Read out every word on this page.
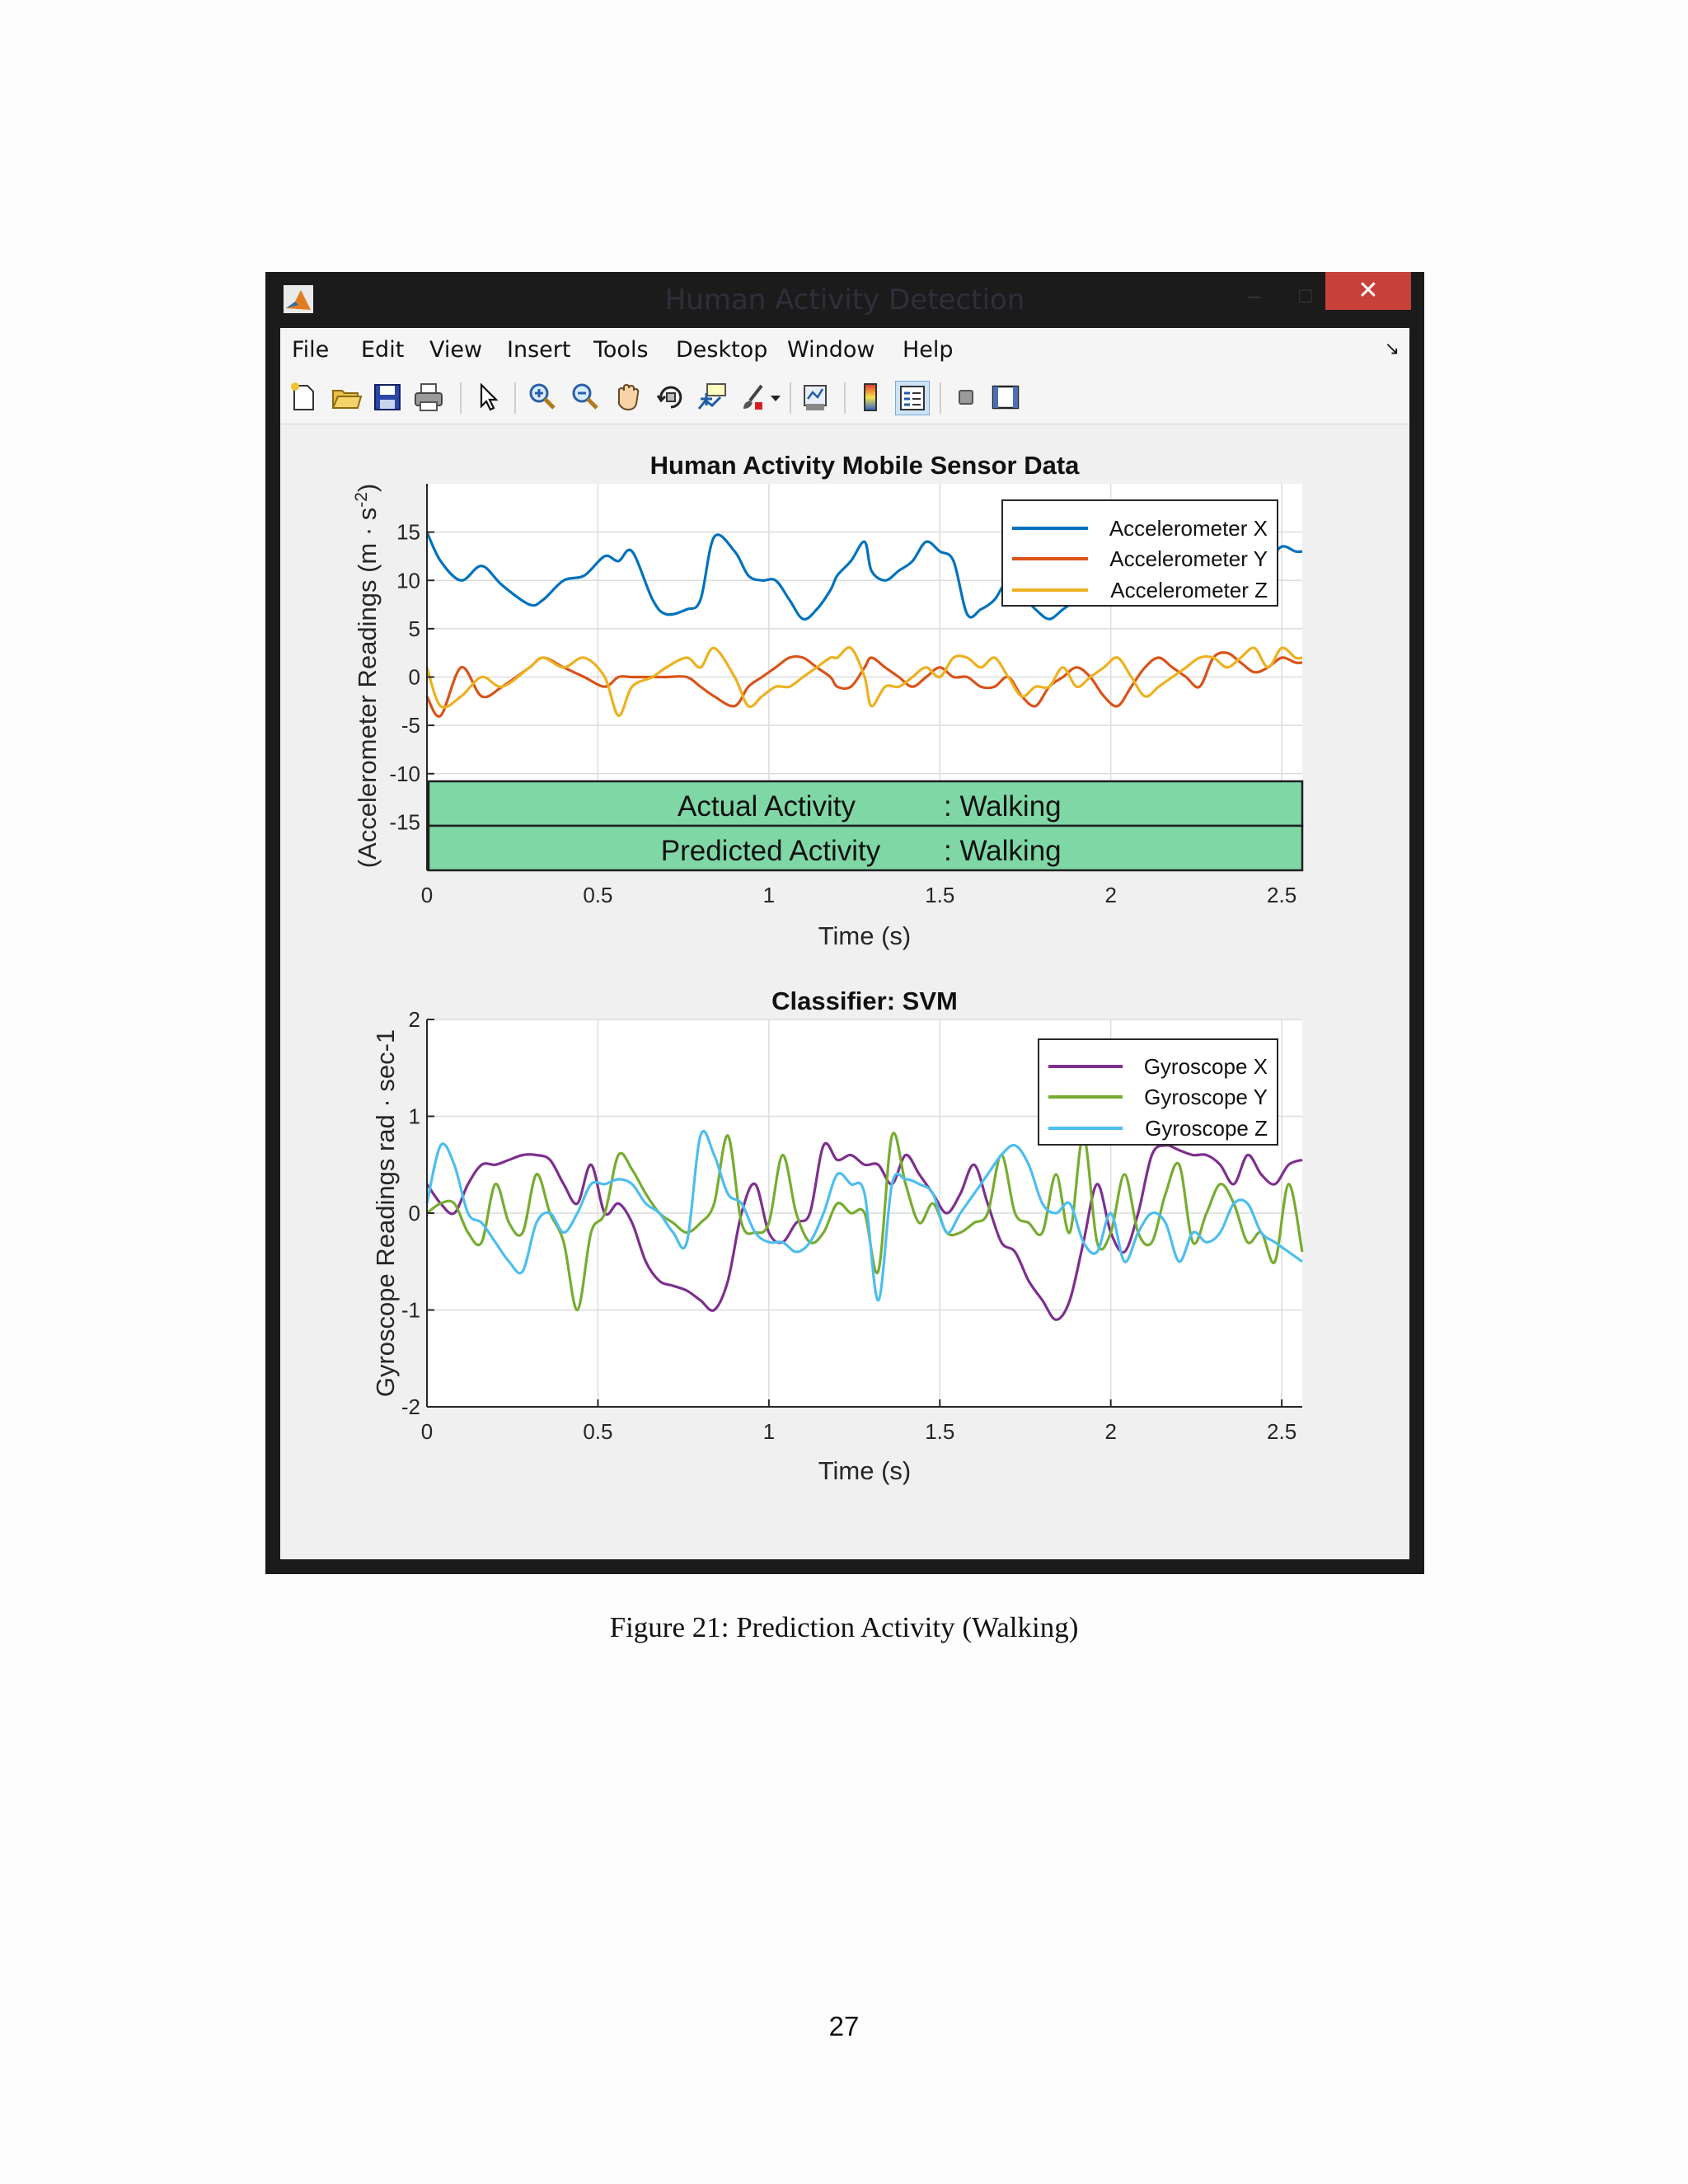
Human Activity Detection	–	□	✕
File Edit View Insert Tools Desktop Window Help	↘
15
10
5
0
-5
-10
-15
0	0.5	1	1.5	2	2.5
Actual Activity	: Walking
Predicted Activity : Walking
Human Activity Mobile Sensor Data
Time (s)
(Accelerometer Readings $(m \cdot s^{-2})$
Accelerometer X
Accelerometer Y
Accelerometer Z
2
1
0
-1
-2
0	0.5	1	1.5	2	2.5
Classifier: SVM
Time (s)
Gyroscope Readings rad · sec-1	Gyroscope X
Gyroscope Y
Gyroscope Z
Figure 21: Prediction Activity (Walking)
27
